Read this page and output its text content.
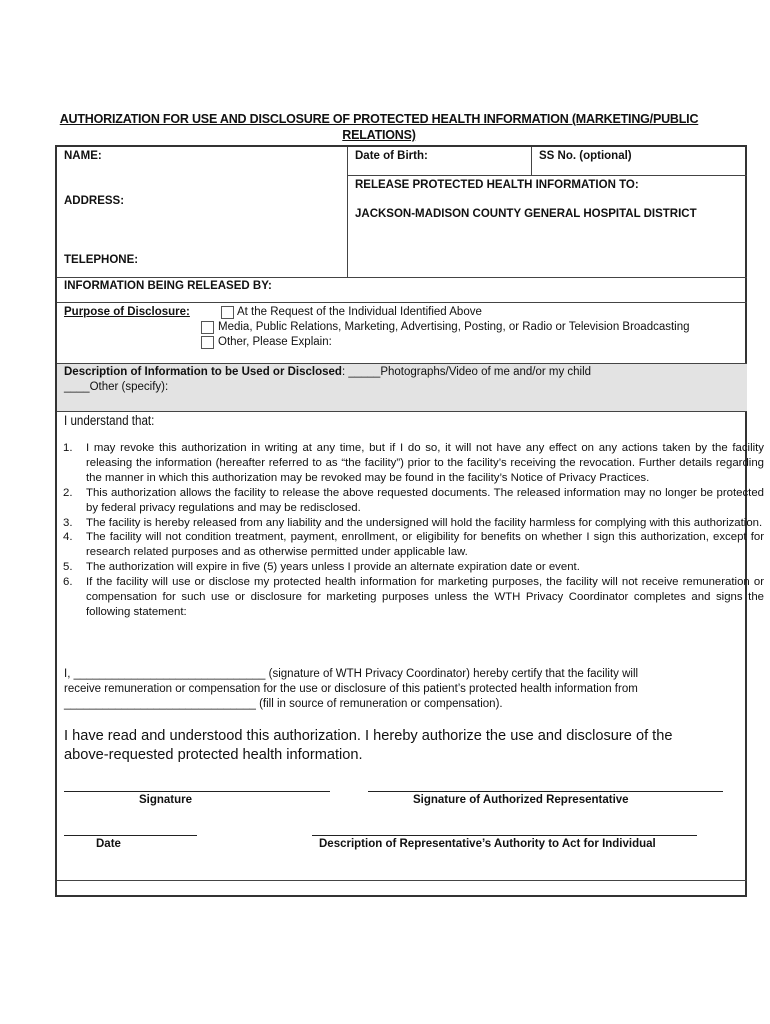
AUTHORIZATION FOR USE AND DISCLOSURE OF PROTECTED HEALTH INFORMATION (MARKETING/PUBLIC RELATIONS)
NAME:	Date of Birth:	SS No. (optional)
ADDRESS:
RELEASE PROTECTED HEALTH INFORMATION TO:
JACKSON-MADISON COUNTY GENERAL HOSPITAL DISTRICT
TELEPHONE:
INFORMATION BEING RELEASED BY:
Purpose of Disclosure:	At the Request of the Individual Identified Above
Media, Public Relations, Marketing, Advertising, Posting, or Radio or Television Broadcasting
Other, Please Explain:
Description of Information to be Used or Disclosed: _____Photographs/Video of me and/or my child
____Other (specify):
I understand that:
1. I may revoke this authorization in writing at any time, but if I do so, it will not have any effect on any actions taken by the facility releasing the information (hereafter referred to as “the facility”) prior to the facility’s receiving the revocation. Further details regarding the manner in which this authorization may be revoked may be found in the facility’s Notice of Privacy Practices.
2. This authorization allows the facility to release the above requested documents. The released information may no longer be protected by federal privacy regulations and may be redisclosed.
3. The facility is hereby released from any liability and the undersigned will hold the facility harmless for complying with this authorization.
4. The facility will not condition treatment, payment, enrollment, or eligibility for benefits on whether I sign this authorization, except for research related purposes and as otherwise permitted under applicable law.
5. The authorization will expire in five (5) years unless I provide an alternate expiration date or event.
6. If the facility will use or disclose my protected health information for marketing purposes, the facility will not receive remuneration or compensation for such use or disclosure for marketing purposes unless the WTH Privacy Coordinator completes and signs the following statement:
I, ______________________________ (signature of WTH Privacy Coordinator) hereby certify that the facility will
receive remuneration or compensation for the use or disclosure of this patient’s protected health information from
______________________________ (fill in source of remuneration or compensation).
I have read and understood this authorization. I hereby authorize the use and disclosure of the above-requested protected health information.
Signature	Signature of Authorized Representative
Date	Description of Representative’s Authority to Act for Individual
